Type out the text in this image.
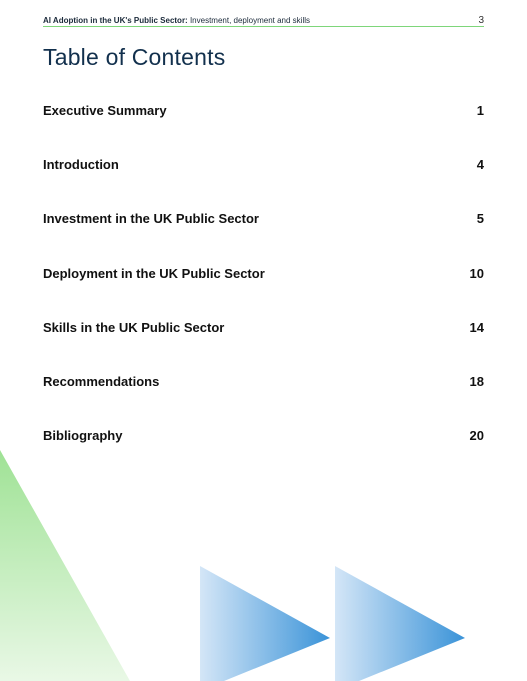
AI Adoption in the UK's Public Sector: Investment, deployment and skills	3
Table of Contents
Executive Summary	1
Introduction	4
Investment in the UK Public Sector	5
Deployment in the UK Public Sector	10
Skills in the UK Public Sector	14
Recommendations	18
Bibliography	20
